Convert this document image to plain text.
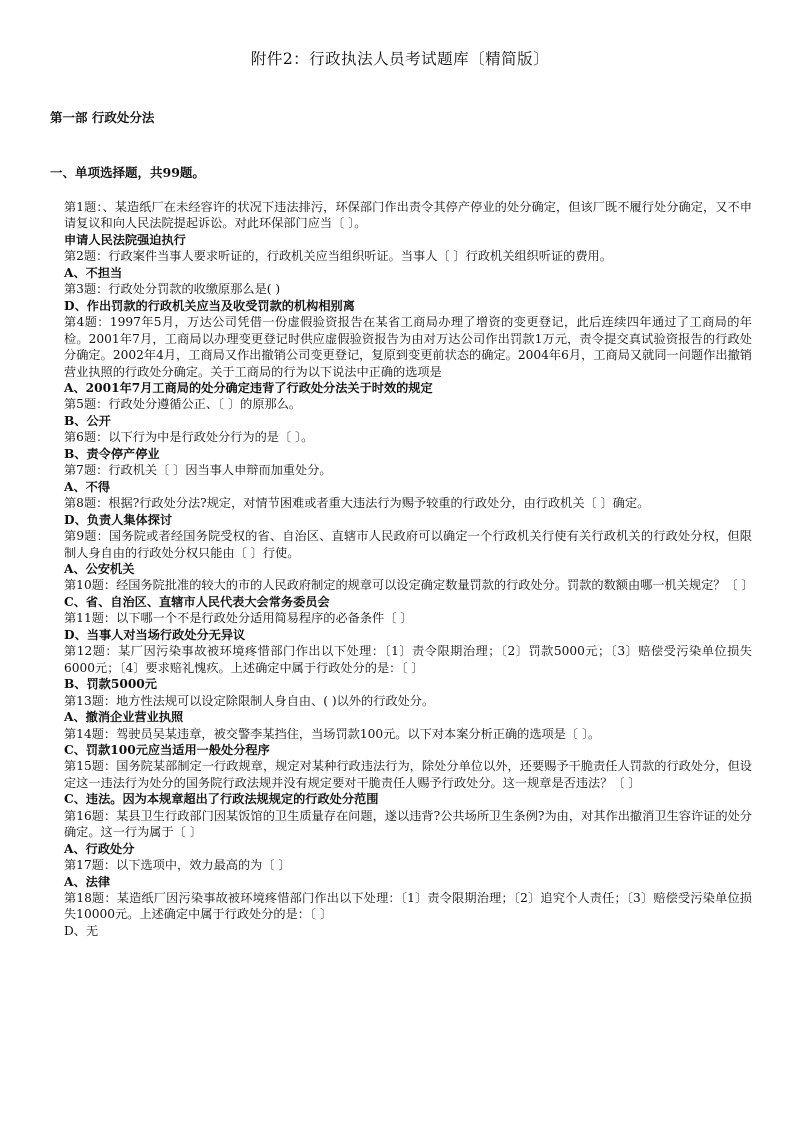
附件2：行政执法人员考试题库〔精简版〕
第一部 行政处分法
一、单项选择题，共99题。

第1题：、某造纸厂在未经容许的状况下违法排污，环保部门作出责令其停产停业的处分确定，但该厂既不履行处分确定，又不申请复议和向人民法院提起诉讼。对此环保部门应当〔 〕。

申请人民法院强迫执行

第2题：行政案件当事人要求听证的，行政机关应当组织听证。当事人〔 〕行政机关组织听证的费用。

A、不担当

第3题：行政处分罚款的收缴原那么是( )

D、作出罚款的行政机关应当及收受罚款的机构相别离

第4题：1997年5月，万达公司凭借一份虚假验资报告在某省工商局办理了增资的变更登记，此后连续四年通过了工商局的年检。2001年7月，工商局以办理变更登记时供应虚假验资报告为由对万达公司作出罚款1万元，责令提交真试验资报告的行政处分确定。2002年4月，工商局又作出撤销公司变更登记，复原到变更前状态的确定。2004年6月，工商局又就同一问题作出撤销营业执照的行政处分确定。关于工商局的行为以下说法中正确的选项是

A、2001年7月工商局的处分确定违背了行政处分法关于时效的规定

第5题：行政处分遵循公正、〔 〕的原那么。

B、公开

第6题：以下行为中是行政处分行为的是〔 〕。

B、责令停产停业

第7题：行政机关〔 〕因当事人申辩而加重处分。

A、不得

第8题：根据?行政处分法?规定，对情节困难或者重大违法行为赐予较重的行政处分，由行政机关〔 〕确定。

D、负责人集体探讨

第9题：国务院或者经国务院受权的省、自治区、直辖市人民政府可以确定一个行政机关行使有关行政机关的行政处分权，但限制人身自由的行政处分权只能由〔 〕行使。

A、公安机关

第10题：经国务院批准的较大的市的人民政府制定的规章可以设定确定数量罚款的行政处分。罚款的数额由哪一机关规定？〔 〕

C、省、自治区、直辖市人民代表大会常务委员会

第11题：以下哪一个不是行政处分适用简易程序的必备条件〔 〕

D、当事人对当场行政处分无异议

第12题：某厂因污染事故被环境疼惜部门作出以下处理：〔1〕责令限期治理；〔2〕罚款5000元；〔3〕赔偿受污染单位损失6000元；〔4〕要求赔礼愧疚。上述确定中属于行政处分的是：〔 〕

B、罚款5000元

第13题：地方性法规可以设定除限制人身自由、( )以外的行政处分。

A、撤消企业营业执照

第14题：驾驶员吴某违章，被交警李某挡住，当场罚款100元。以下对本案分析正确的选项是〔 〕。

C、罚款100元应当适用一般处分程序

第15题：国务院某部制定一行政规章，规定对某种行政违法行为，除处分单位以外，还要赐予干脆责任人罚款的行政处分，但设定这一违法行为处分的国务院行政法规并没有规定要对干脆责任人赐予行政处分。这一规章是否违法？〔 〕

C、违法。因为本规章超出了行政法规规定的行政处分范围

第16题：某县卫生行政部门因某饭馆的卫生质量存在问题，遂以违背?公共场所卫生条例?为由，对其作出撤消卫生容许证的处分确定。这一行为属于〔 〕

A、行政处分

第17题：以下选项中，效力最高的为〔 〕

A、法律

第18题：某造纸厂因污染事故被环境疼惜部门作出以下处理：〔1〕责令限期治理；〔2〕追究个人责任；〔3〕赔偿受污染单位损失10000元。上述确定中属于行政处分的是：〔 〕

D、无
